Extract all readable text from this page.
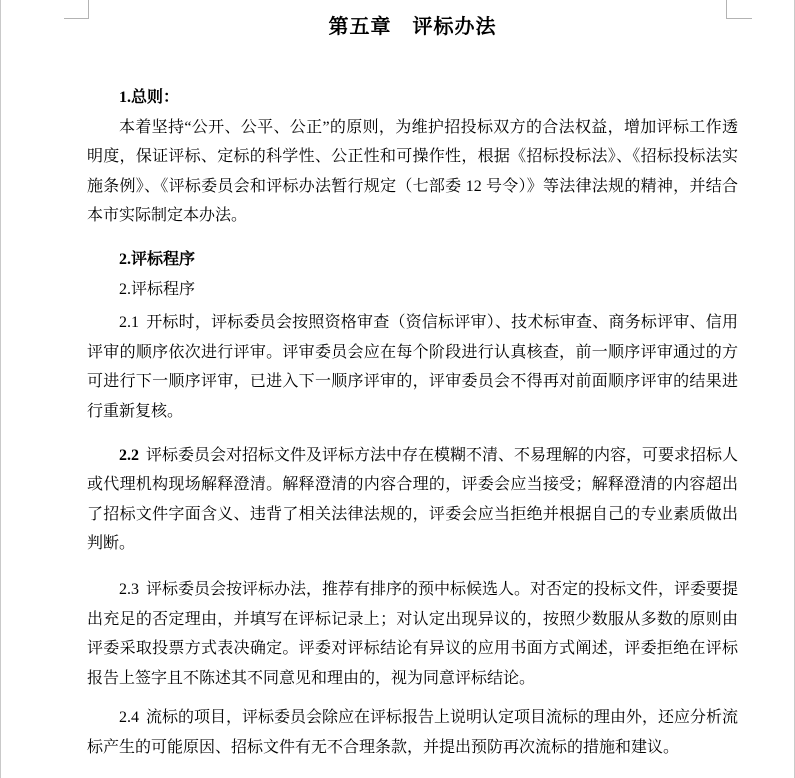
第五章　评标办法

1.总则：

本着坚持“公开、公平、公正”的原则，为维护招投标双方的合法权益，增加评标工作透明度，保证评标、定标的科学性、公正性和可操作性，根据《招标投标法》、《招标投标法实施条例》、《评标委员会和评标办法暂行规定（七部委 12 号令）》等法律法规的精神，并结合本市实际制定本办法。

2.评标程序

2.评标程序

2.1 开标时，评标委员会按照资格审查（资信标评审）、技术标审查、商务标评审、信用评审的顺序依次进行评审。评审委员会应在每个阶段进行认真核查，前一顺序评审通过的方可进行下一顺序评审，已进入下一顺序评审的，评审委员会不得再对前面顺序评审的结果进行重新复核。

2.2 评标委员会对招标文件及评标方法中存在模糊不清、不易理解的内容，可要求招标人或代理机构现场解释澄清。解释澄清的内容合理的，评委会应当接受；解释澄清的内容超出了招标文件字面含义、违背了相关法律法规的，评委会应当拒绝并根据自己的专业素质做出判断。

2.3 评标委员会按评标办法，推荐有排序的预中标候选人。对否定的投标文件，评委要提出充足的否定理由，并填写在评标记录上；对认定出现异议的，按照少数服从多数的原则由评委采取投票方式表决确定。评委对评标结论有异议的应用书面方式阐述，评委拒绝在评标报告上签字且不陈述其不同意见和理由的，视为同意评标结论。

2.4 流标的项目，评标委员会除应在评标报告上说明认定项目流标的理由外，还应分析流标产生的可能原因、招标文件有无不合理条款，并提出预防再次流标的措施和建议。
